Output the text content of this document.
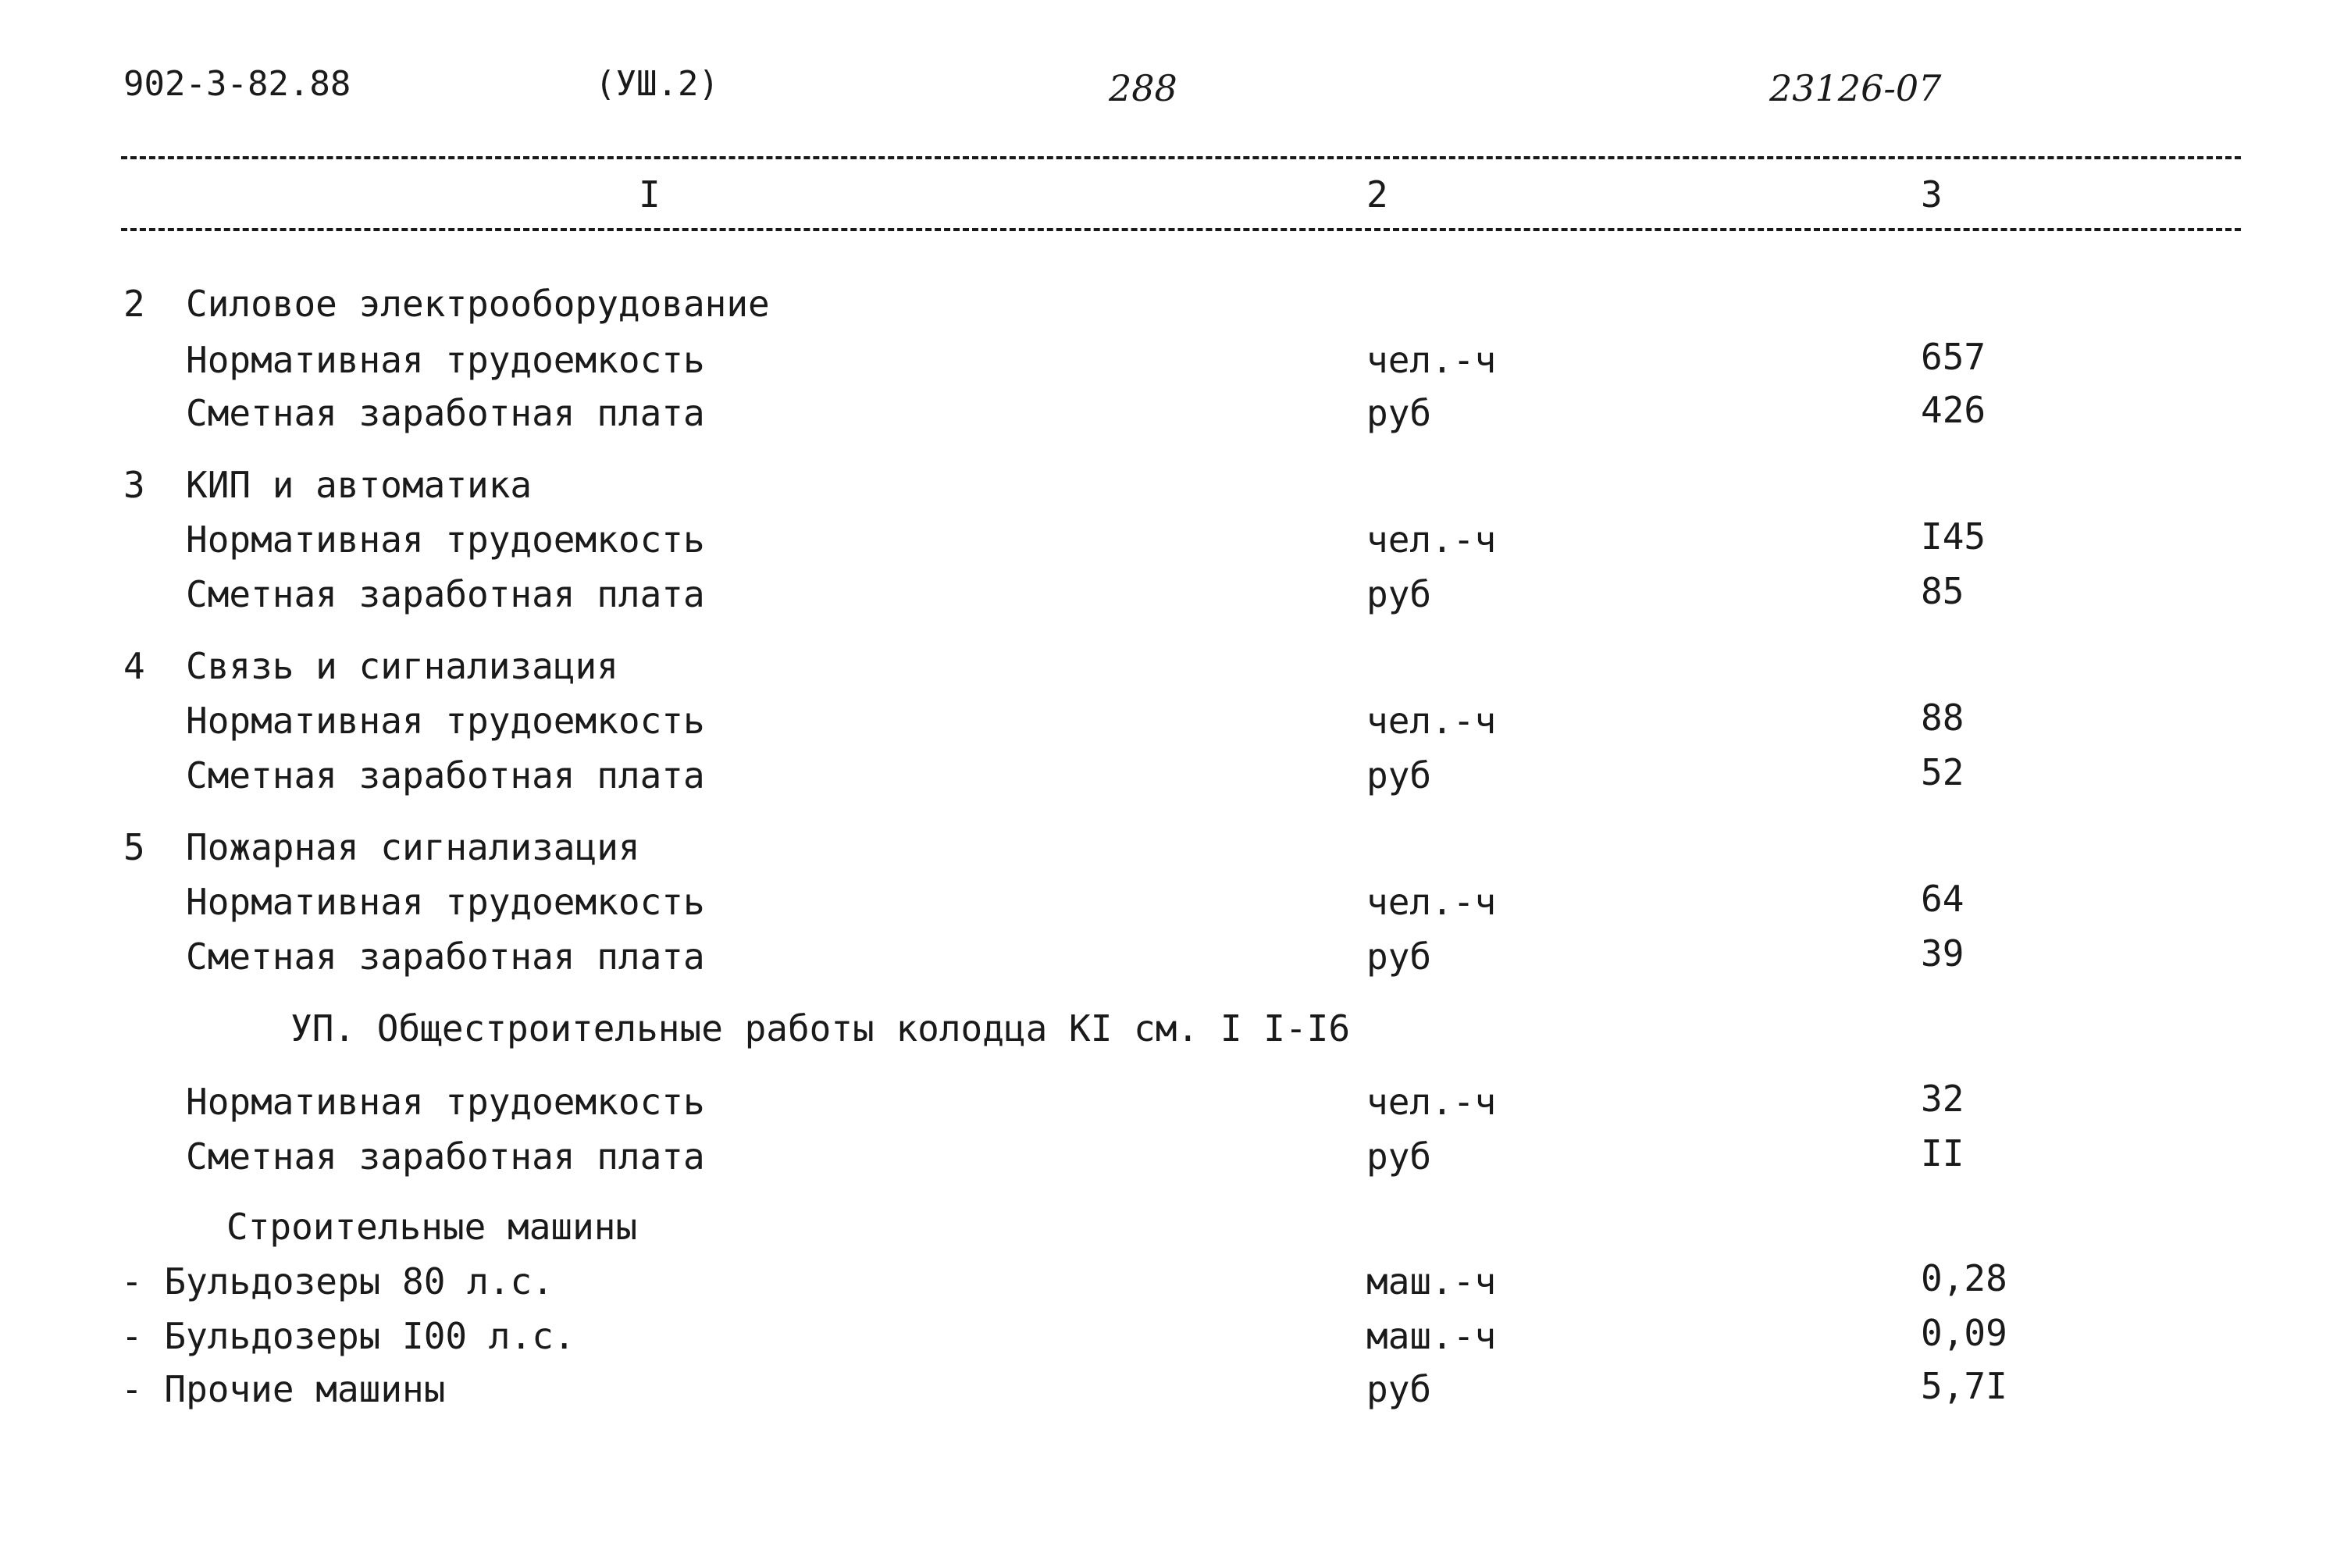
902-3-82.88	(УШ.2)	288	23126-07
I	2	3
2 Силовое электрооборудование
Нормативная трудоемкость	чел.-ч	657
Сметная заработная плата	руб	426
3 КИП и автоматика
Нормативная трудоемкость	чел.-ч	I45
Сметная заработная плата	руб	85
4 Связь и сигнализация
Нормативная трудоемкость	чел.-ч	88
Сметная заработная плата	руб	52
5 Пожарная сигнализация
Нормативная трудоемкость	чел.-ч	64
Сметная заработная плата	руб	39
УП. Общестроительные работы колодца КI см. I I-I6
Нормативная трудоемкость	чел.-ч	32
Сметная заработная плата	руб	II
Строительные машины
- Бульдозеры 80 л.с.	маш.-ч	0,28
- Бульдозеры I00 л.с.	маш.-ч	0,09
- Прочие машины	руб	5,7I
